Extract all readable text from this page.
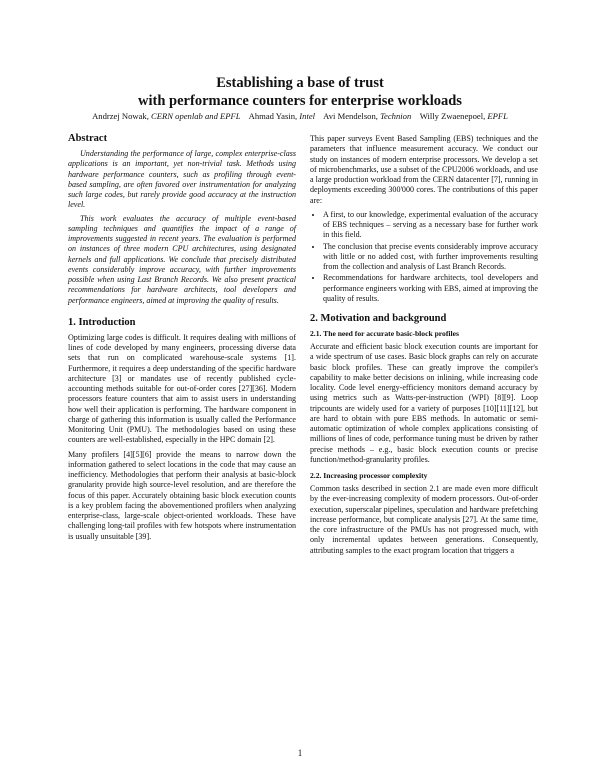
Establishing a base of trust
with performance counters for enterprise workloads
Andrzej Nowak, CERN openlab and EPFL Ahmad Yasin, Intel Avi Mendelson, Technion Willy Zwaenepoel, EPFL
Abstract

Understanding the performance of large, complex enterprise-class applications is an important, yet non-trivial task. Methods using hardware performance counters, such as profiling through event-based sampling, are often favored over instrumentation for analyzing such large codes, but rarely provide good accuracy at the instruction level.

This work evaluates the accuracy of multiple event-based sampling techniques and quantifies the impact of a range of improvements suggested in recent years. The evaluation is performed on instances of three modern CPU architectures, using designated kernels and full applications. We conclude that precisely distributed events considerably improve accuracy, with further improvements possible when using Last Branch Records. We also present practical recommendations for hardware architects, tool developers and performance engineers, aimed at improving the quality of results.

1. Introduction

Optimizing large codes is difficult. It requires dealing with millions of lines of code developed by many engineers, processing diverse data sets that run on complicated warehouse-scale systems [1]. Furthermore, it requires a deep understanding of the specific hardware architecture [3] or mandates use of recently published cycle-accounting methods suitable for out-of-order cores [27][36]. Modern processors feature counters that aim to assist users in understanding how well their application is performing. The hardware component in charge of gathering this information is usually called the Performance Monitoring Unit (PMU). The methodologies based on using these counters are well-established, especially in the HPC domain [2].

Many profilers [4][5][6] provide the means to narrow down the information gathered to select locations in the code that may cause an inefficiency. Methodologies that perform their analysis at basic-block granularity provide high source-level resolution, and are therefore the focus of this paper. Accurately obtaining basic block execution counts is a key problem facing the abovementioned profilers when analyzing enterprise-class, large-scale object-oriented workloads. These have challenging long-tail profiles with few hotspots where instrumentation is usually unsuitable [39].

This paper surveys Event Based Sampling (EBS) techniques and the parameters that influence measurement accuracy. We conduct our study on instances of modern enterprise processors. We develop a set of microbenchmarks, use a subset of the CPU2006 workloads, and use a large production workload from the CERN datacenter [7], running in deployments exceeding 300'000 cores. The contributions of this paper are:

• A first, to our knowledge, experimental evaluation of the accuracy of EBS techniques – serving as a necessary base for further work in this field.
• The conclusion that precise events considerably improve accuracy with little or no added cost, with further improvements resulting from the collection and analysis of Last Branch Records.
• Recommendations for hardware architects, tool developers and performance engineers working with EBS, aimed at improving the quality of results.
2. Motivation and background
2.1. The need for accurate basic-block profiles

Accurate and efficient basic block execution counts are important for a wide spectrum of use cases. Basic block graphs can rely on accurate basic block profiles. These can greatly improve the compiler's capability to make better decisions on inlining, while increasing code locality. Code level energy-efficiency monitors demand accuracy by using metrics such as Watts-per-instruction (WPI) [8][9]. Loop tripcounts are widely used for a variety of purposes [10][11][12], but are hard to obtain with pure EBS methods. In automatic or semi-automatic optimization of whole complex applications consisting of millions of lines of code, performance tuning must be driven by rather precise methods – e.g., basic block execution counts or precise function/method-granularity profiles.

2.2. Increasing processor complexity

Common tasks described in section 2.1 are made even more difficult by the ever-increasing complexity of modern processors. Out-of-order execution, superscalar pipelines, speculation and hardware prefetching increase performance, but complicate analysis [27]. At the same time, the core infrastructure of the PMUs has not progressed much, with only incremental updates between generations. Consequently, attributing samples to the exact program location that triggers a

1
